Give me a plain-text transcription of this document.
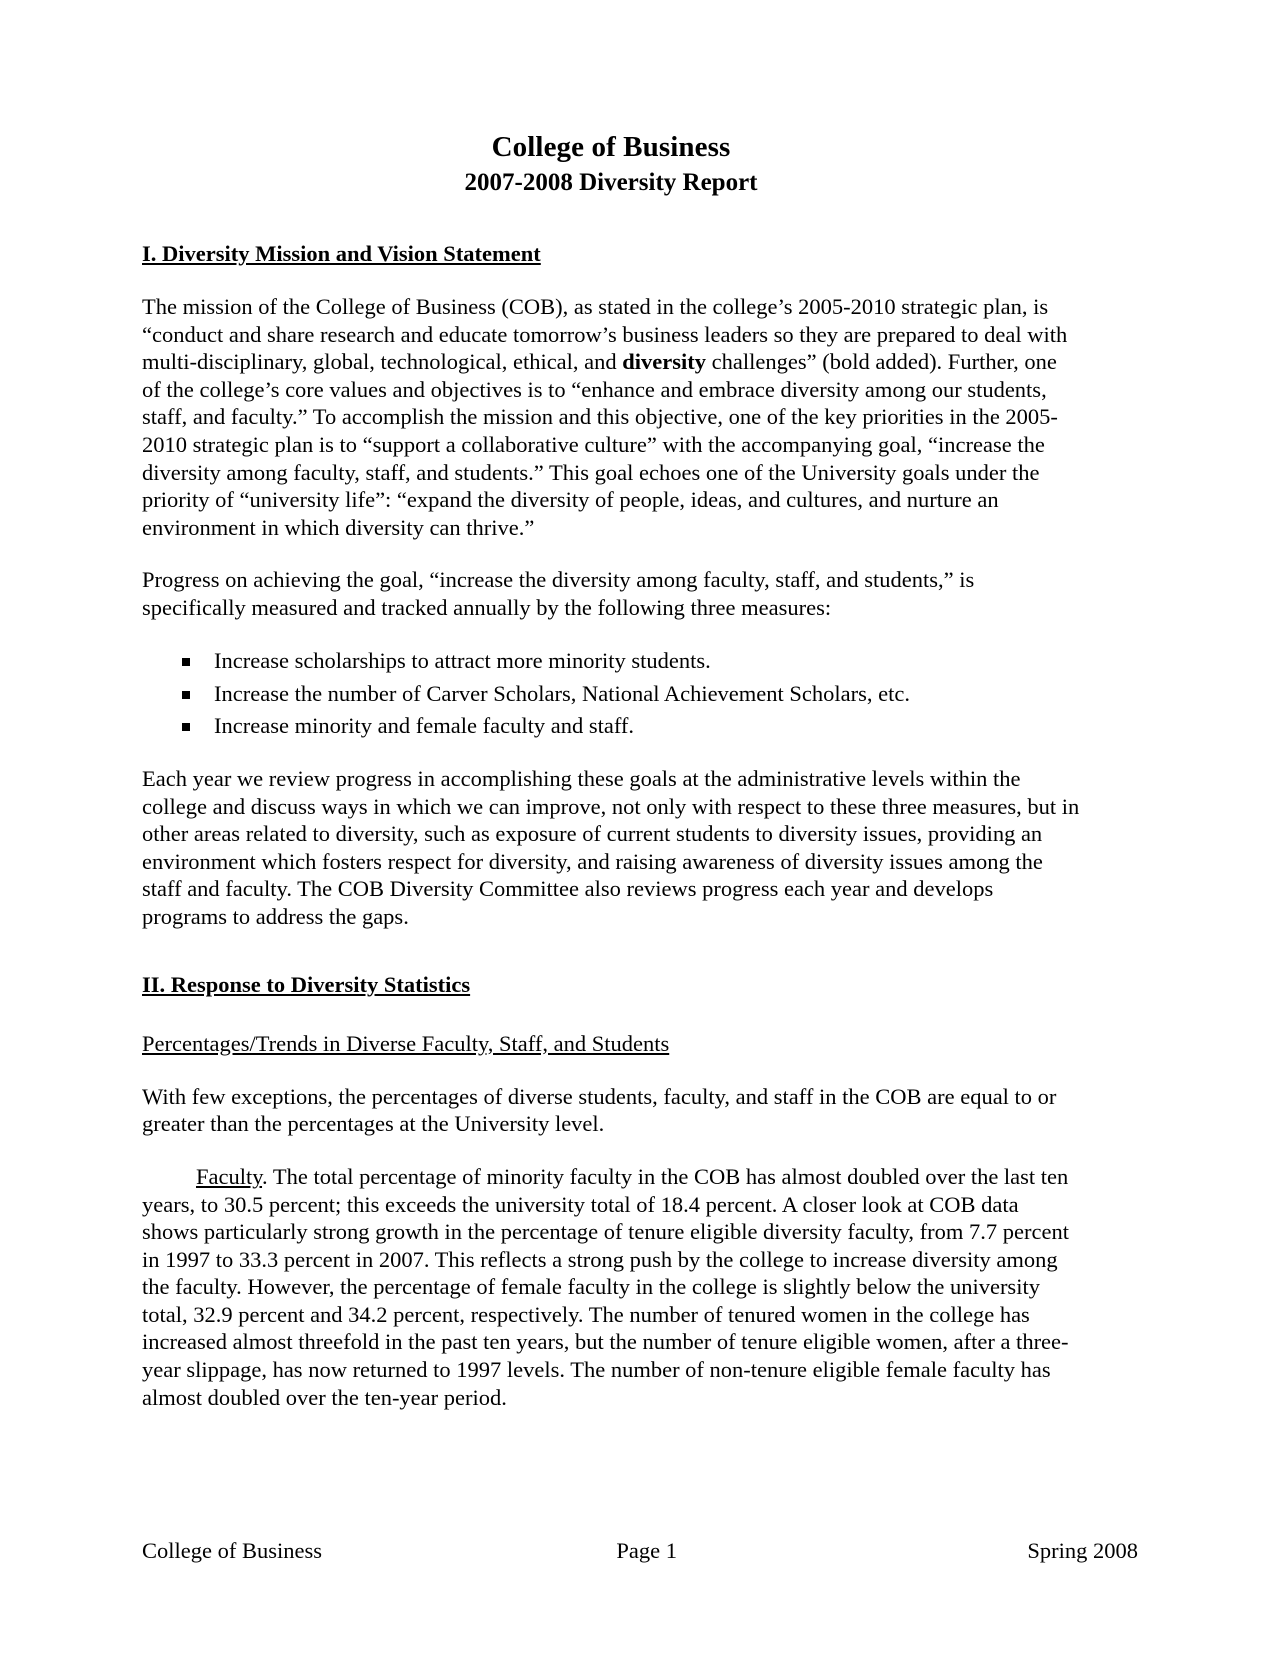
College of Business
2007-2008 Diversity Report
I. Diversity Mission and Vision Statement

The mission of the College of Business (COB), as stated in the college’s 2005-2010 strategic plan, is “conduct and share research and educate tomorrow’s business leaders so they are prepared to deal with multi-disciplinary, global, technological, ethical, and diversity challenges” (bold added). Further, one of the college’s core values and objectives is to “enhance and embrace diversity among our students, staff, and faculty.” To accomplish the mission and this objective, one of the key priorities in the 2005-2010 strategic plan is to “support a collaborative culture” with the accompanying goal, “increase the diversity among faculty, staff, and students.” This goal echoes one of the University goals under the priority of “university life”: “expand the diversity of people, ideas, and cultures, and nurture an environment in which diversity can thrive.”

Progress on achieving the goal, “increase the diversity among faculty, staff, and students,” is specifically measured and tracked annually by the following three measures:

Increase scholarships to attract more minority students.
Increase the number of Carver Scholars, National Achievement Scholars, etc.
Increase minority and female faculty and staff.

Each year we review progress in accomplishing these goals at the administrative levels within the college and discuss ways in which we can improve, not only with respect to these three measures, but in other areas related to diversity, such as exposure of current students to diversity issues, providing an environment which fosters respect for diversity, and raising awareness of diversity issues among the staff and faculty. The COB Diversity Committee also reviews progress each year and develops programs to address the gaps.

II. Response to Diversity Statistics
Percentages/Trends in Diverse Faculty, Staff, and Students

With few exceptions, the percentages of diverse students, faculty, and staff in the COB are equal to or greater than the percentages at the University level.

Faculty. The total percentage of minority faculty in the COB has almost doubled over the last ten years, to 30.5 percent; this exceeds the university total of 18.4 percent. A closer look at COB data shows particularly strong growth in the percentage of tenure eligible diversity faculty, from 7.7 percent in 1997 to 33.3 percent in 2007. This reflects a strong push by the college to increase diversity among the faculty. However, the percentage of female faculty in the college is slightly below the university total, 32.9 percent and 34.2 percent, respectively. The number of tenured women in the college has increased almost threefold in the past ten years, but the number of tenure eligible women, after a three-year slippage, has now returned to 1997 levels. The number of non-tenure eligible female faculty has almost doubled over the ten-year period.

College of Business	Page 1	Spring 2008
